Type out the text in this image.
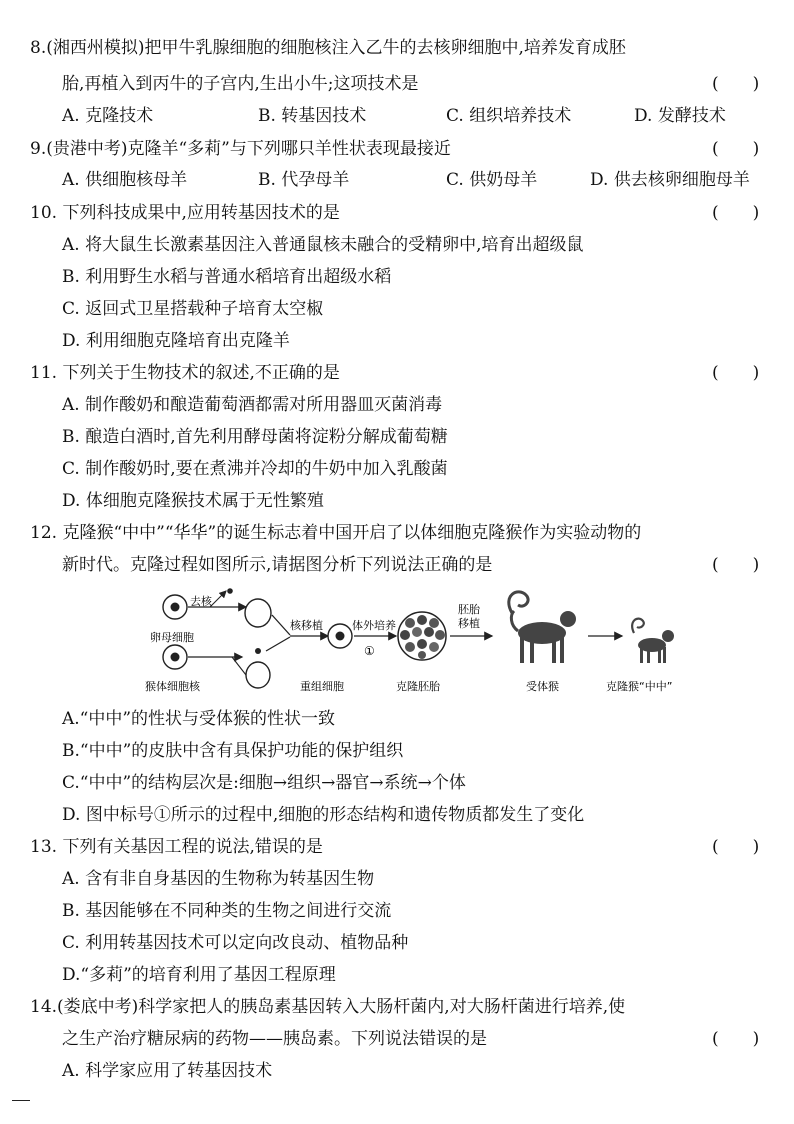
8.(湘西州模拟)把甲牛乳腺细胞的细胞核注入乙牛的去核卵细胞中,培养发育成胚
胎,再植入到丙牛的子宫内,生出小牛;这项技术是	(　　)
A. 克隆技术	B. 转基因技术	C. 组织培养技术	D. 发酵技术
9.(贵港中考)克隆羊“多莉”与下列哪只羊性状表现最接近	(　　)
A. 供细胞核母羊	B. 代孕母羊	C. 供奶母羊	D. 供去核卵细胞母羊
10. 下列科技成果中,应用转基因技术的是	(　　)
A. 将大鼠生长激素基因注入普通鼠核未融合的受精卵中,培育出超级鼠
B. 利用野生水稻与普通水稻培育出超级水稻
C. 返回式卫星搭载种子培育太空椒
D. 利用细胞克隆培育出克隆羊
11. 下列关于生物技术的叙述,不正确的是	(　　)
A. 制作酸奶和酿造葡萄酒都需对所用器皿灭菌消毒
B. 酿造白酒时,首先利用酵母菌将淀粉分解成葡萄糖
C. 制作酸奶时,要在煮沸并冷却的牛奶中加入乳酸菌
D. 体细胞克隆猴技术属于无性繁殖
12. 克隆猴“中中”“华华”的诞生标志着中国开启了以体细胞克隆猴作为实验动物的
新时代。克隆过程如图所示,请据图分析下列说法正确的是	(　　)
卵母细胞
去核
猴体细胞核
核移植
重组细胞
体外培养
①
克隆胚胎
胚胎
移植
受体猴	克隆猴“中中”
A.“中中”的性状与受体猴的性状一致
B.“中中”的皮肤中含有具保护功能的保护组织
C.“中中”的结构层次是:细胞→组织→器官→系统→个体
D. 图中标号①所示的过程中,细胞的形态结构和遗传物质都发生了变化
13. 下列有关基因工程的说法,错误的是	(　　)
A. 含有非自身基因的生物称为转基因生物
B. 基因能够在不同种类的生物之间进行交流
C. 利用转基因技术可以定向改良动、植物品种
D.“多莉”的培育利用了基因工程原理
14.(娄底中考)科学家把人的胰岛素基因转入大肠杆菌内,对大肠杆菌进行培养,使
之生产治疗糖尿病的药物——胰岛素。下列说法错误的是	(　　)
A. 科学家应用了转基因技术
